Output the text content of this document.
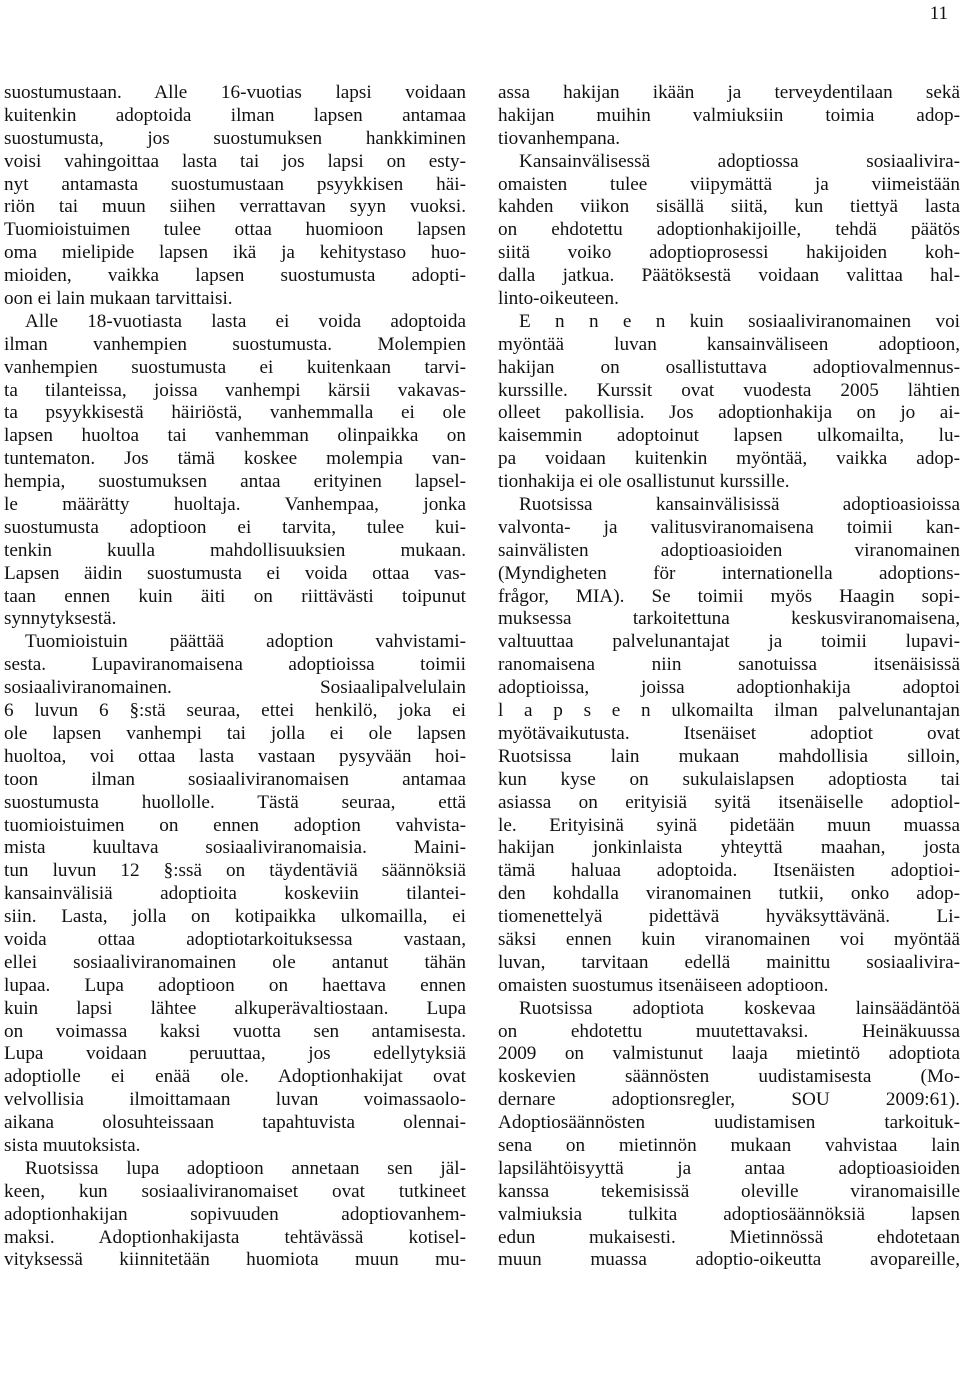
11
suostumustaan. Alle 16-vuotias lapsi voidaan
kuitenkin adoptoida ilman lapsen antamaa
suostumusta, jos suostumuksen hankkiminen
voisi vahingoittaa lasta tai jos lapsi on esty-
nyt antamasta suostumustaan psyykkisen häi-
riön tai muun siihen verrattavan syyn vuoksi.
Tuomioistuimen tulee ottaa huomioon lapsen
oma mielipide lapsen ikä ja kehitystaso huo-
mioiden, vaikka lapsen suostumusta adopti-
oon ei lain mukaan tarvittaisi.
Alle 18-vuotiasta lasta ei voida adoptoida
ilman vanhempien suostumusta. Molempien
vanhempien suostumusta ei kuitenkaan tarvi-
ta tilanteissa, joissa vanhempi kärsii vakavas-
ta psyykkisestä häiriöstä, vanhemmalla ei ole
lapsen huoltoa tai vanhemman olinpaikka on
tuntematon. Jos tämä koskee molempia van-
hempia, suostumuksen antaa erityinen lapsel-
le määrätty huoltaja. Vanhempaa, jonka
suostumusta adoptioon ei tarvita, tulee kui-
tenkin kuulla mahdollisuuksien mukaan.
Lapsen äidin suostumusta ei voida ottaa vas-
taan ennen kuin äiti on riittävästi toipunut
synnytyksestä.
Tuomioistuin päättää adoption vahvistami-
sesta. Lupaviranomaisena adoptioissa toimii
sosiaaliviranomainen. Sosiaalipalvelulain
6 luvun 6 §:stä seuraa, ettei henkilö, joka ei
ole lapsen vanhempi tai jolla ei ole lapsen
huoltoa, voi ottaa lasta vastaan pysyvään hoi-
toon ilman sosiaaliviranomaisen antamaa
suostumusta huollolle. Tästä seuraa, että
tuomioistuimen on ennen adoption vahvista-
mista kuultava sosiaaliviranomaisia. Maini-
tun luvun 12 §:ssä on täydentäviä säännöksiä
kansainvälisiä adoptioita koskeviin tilantei-
siin. Lasta, jolla on kotipaikka ulkomailla, ei
voida ottaa adoptiotarkoituksessa vastaan,
ellei sosiaaliviranomainen ole antanut tähän
lupaa. Lupa adoptioon on haettava ennen
kuin lapsi lähtee alkuperävaltiostaan. Lupa
on voimassa kaksi vuotta sen antamisesta.
Lupa voidaan peruuttaa, jos edellytyksiä
adoptiolle ei enää ole. Adoptionhakijat ovat
velvollisia ilmoittamaan luvan voimassaolo-
aikana olosuhteissaan tapahtuvista olennai-
sista muutoksista.
Ruotsissa lupa adoptioon annetaan sen jäl-
keen, kun sosiaaliviranomaiset ovat tutkineet
adoptionhakijan sopivuuden adoptiovanhem-
maksi. Adoptionhakijasta tehtävässä kotisel-
vityksessä kiinnitetään huomiota muun mu-
assa hakijan ikään ja terveydentilaan sekä
hakijan muihin valmiuksiin toimia adop-
tiovanhempana.
Kansainvälisessä adoptiossa sosiaalivira-
omaisten tulee viipymättä ja viimeistään
kahden viikon sisällä siitä, kun tiettyä lasta
on ehdotettu adoptionhakijoille, tehdä päätös
siitä voiko adoptioprosessi hakijoiden koh-
dalla jatkua. Päätöksestä voidaan valittaa hal-
linto-oikeuteen.
E n n e n kuin sosiaaliviranomainen voi
myöntää luvan kansainväliseen adoptioon,
hakijan on osallistuttava adoptiovalmennus-
kurssille. Kurssit ovat vuodesta 2005 lähtien
olleet pakollisia. Jos adoptionhakija on jo ai-
kaisemmin adoptoinut lapsen ulkomailta, lu-
pa voidaan kuitenkin myöntää, vaikka adop-
tionhakija ei ole osallistunut kurssille.
Ruotsissa kansainvälisissä adoptioasioissa
valvonta- ja valitusviranomaisena toimii kan-
sainvälisten adoptioasioiden viranomainen
(Myndigheten för internationella adoptions-
frågor, MIA). Se toimii myös Haagin sopi-
muksessa tarkoitettuna keskusviranomaisena,
valtuuttaa palvelunantajat ja toimii lupavi-
ranomaisena niin sanotuissa itsenäisissä
adoptioissa, joissa adoptionhakija adoptoi
l a p s e n ulkomailta ilman palvelunantajan
myötävaikutusta. Itsenäiset adoptiot ovat
Ruotsissa lain mukaan mahdollisia silloin,
kun kyse on sukulaislapsen adoptiosta tai
asiassa on erityisiä syitä itsenäiselle adoptiol-
le. Erityisinä syinä pidetään muun muassa
hakijan jonkinlaista yhteyttä maahan, josta
tämä haluaa adoptoida. Itsenäisten adoptioi-
den kohdalla viranomainen tutkii, onko adop-
tiomenettelyä pidettävä hyväksyttävänä. Li-
säksi ennen kuin viranomainen voi myöntää
luvan, tarvitaan edellä mainittu sosiaalivira-
omaisten suostumus itsenäiseen adoptioon.
Ruotsissa adoptiota koskevaa lainsäädäntöä
on ehdotettu muutettavaksi. Heinäkuussa
2009 on valmistunut laaja mietintö adoptiota
koskevien säännösten uudistamisesta (Mo-
dernare adoptionsregler, SOU 2009:61).
Adoptiosäännösten uudistamisen tarkoituk-
sena on mietinnön mukaan vahvistaa lain
lapsilähtöisyyttä ja antaa adoptioasioiden
kanssa tekemisissä oleville viranomaisille
valmiuksia tulkita adoptiosäännöksiä lapsen
edun mukaisesti. Mietinnössä ehdotetaan
muun muassa adoptio-oikeutta avopareille,
